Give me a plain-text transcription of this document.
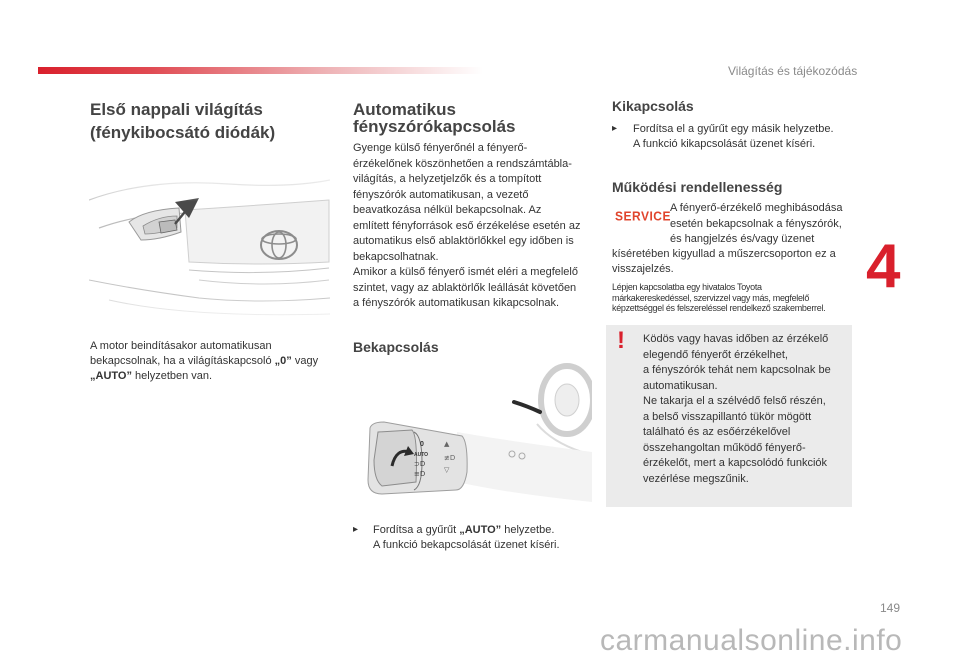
Világítás és tájékozódás
4
Első nappali világítás
(fénykibocsátó diódák)
A motor beindításakor automatikusan
bekapcsolnak, ha a világításkapcsoló „0” vagy
„AUTO” helyzetben van.
Automatikus
fényszórókapcsolás
Gyenge külső fényerőnél a fényerő-
érzékelőnek köszönhetően a rendszámtábla-
világítás, a helyzetjelzők és a tompított
fényszórók automatikusan, a vezető
beavatkozása nélkül bekapcsolnak. Az
említett fényforrások eső érzékelése esetén az
automatikus első ablaktörlőkkel egy időben is
bekapcsolhatnak.
Amikor a külső fényerő ismét eléri a megfelelő
szintet, vagy az ablaktörlők leállását követően
a fényszórók automatikusan kikapcsolnak.
Bekapcsolás
0
AUTO
⊃D
≡D
▲
≢D
▽
▸ Fordítsa a gyűrűt „AUTO” helyzetbe.
A funkció bekapcsolását üzenet kíséri.
Kikapcsolás
▸ Fordítsa el a gyűrűt egy másik helyzetbe.
A funkció kikapcsolását üzenet kíséri.
Működési rendellenesség
SERVICE
A fényerő-érzékelő meghibásodása
esetén bekapcsolnak a fényszórók,
és hangjelzés és/vagy üzenet
kíséretében kigyullad a műszercsoporton ez a
visszajelzés.
Lépjen kapcsolatba egy hivatalos Toyota
márkakereskedéssel, szervizzel vagy más, megfelelő
képzettséggel és felszereléssel rendelkező szakemberrel.
! Ködös vagy havas időben az érzékelő
elegendő fényerőt érzékelhet,
a fényszórók tehát nem kapcsolnak be
automatikusan.
Ne takarja el a szélvédő felső részén,
a belső visszapillantó tükör mögött
található és az esőérzékelővel
összehangoltan működő fényerő-
érzékelőt, mert a kapcsolódó funkciók
vezérlése megszűnik.
149
carmanualsonline.info
